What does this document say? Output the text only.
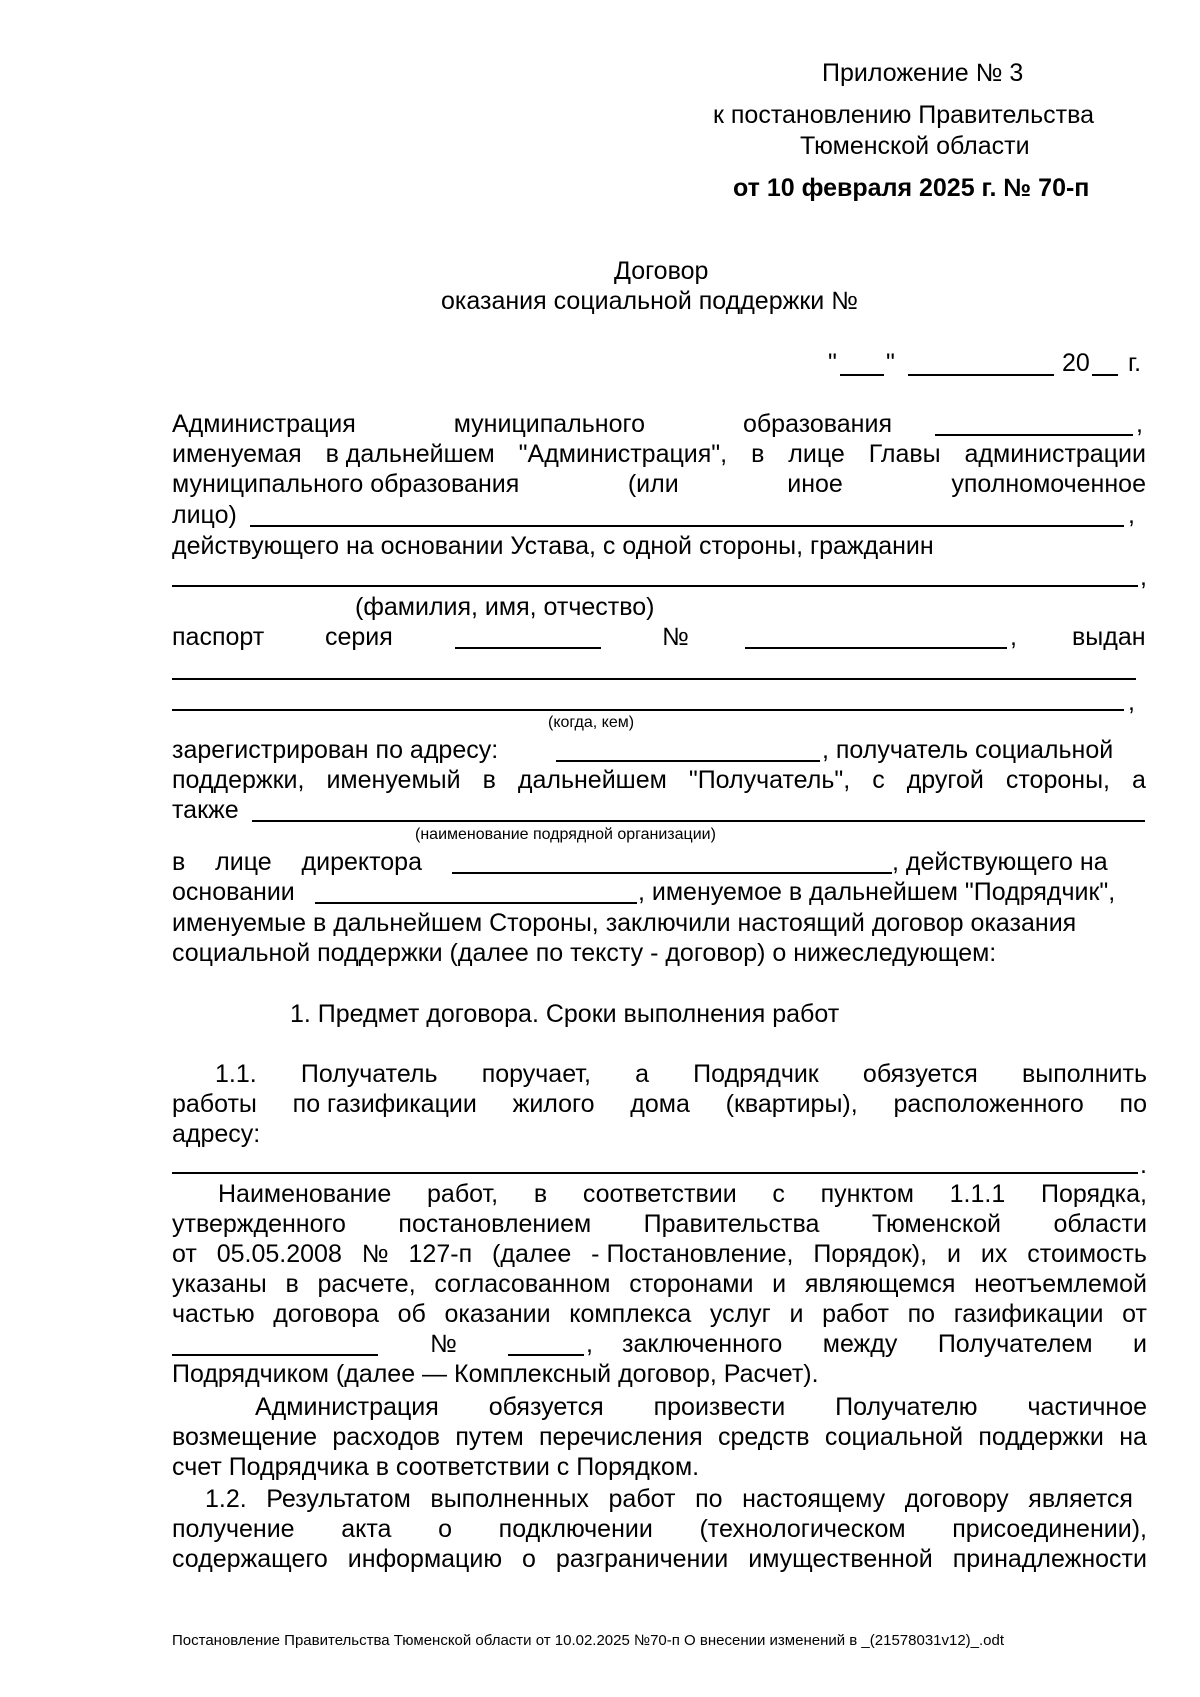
Приложение № 3
к постановлению Правительства
Тюменской области
от 10 февраля 2025 г. № 70-п
Договор
оказания социальной поддержки №
" "	20 г.
Администрация	муниципального	образования	,
именуемая в дальнейшем "Администрация", в лице Главы администрации
муниципального образования	(или	иное	уполномоченное
лицо)	,
действующего на основании Устава, с одной стороны, гражданин
,
(фамилия, имя, отчество)
паспорт серия	№	, выдан
,
(когда, кем)
зарегистрирован по адресу:	, получатель социальной
поддержки, именуемый в дальнейшем "Получатель", с другой стороны, а
также
(наименование подрядной организации)
в лице директора	, действующего на
основании	, именуемое в дальнейшем "Подрядчик",
именуемые в дальнейшем Стороны, заключили настоящий договор оказания
социальной поддержки (далее по тексту - договор) о нижеследующем:
1. Предмет договора. Сроки выполнения работ
1.1. Получатель поручает, а Подрядчик обязуется выполнить
работы по газификации жилого дома (квартиры), расположенного по
адресу:
.
Наименование работ, в соответствии с пунктом 1.1.1 Порядка,
утвержденного постановлением Правительства Тюменской области
от 05.05.2008 № 127-п (далее - Постановление, Порядок), и их стоимость
указаны в расчете, согласованном сторонами и являющемся неотъемлемой
частью договора об оказании комплекса услуг и работ по газификации от
№	, заключенного между Получателем и
Подрядчиком (далее — Комплексный договор, Расчет).
Администрация обязуется произвести Получателю частичное
возмещение расходов путем перечисления средств социальной поддержки на
счет Подрядчика в соответствии с Порядком.
1.2. Результатом выполненных работ по настоящему договору является
получение акта о подключении (технологическом присоединении),
содержащего информацию о разграничении имущественной принадлежности
Постановление Правительства Тюменской области от 10.02.2025 №70-п О внесении изменений в _(21578031v12)_.odt
